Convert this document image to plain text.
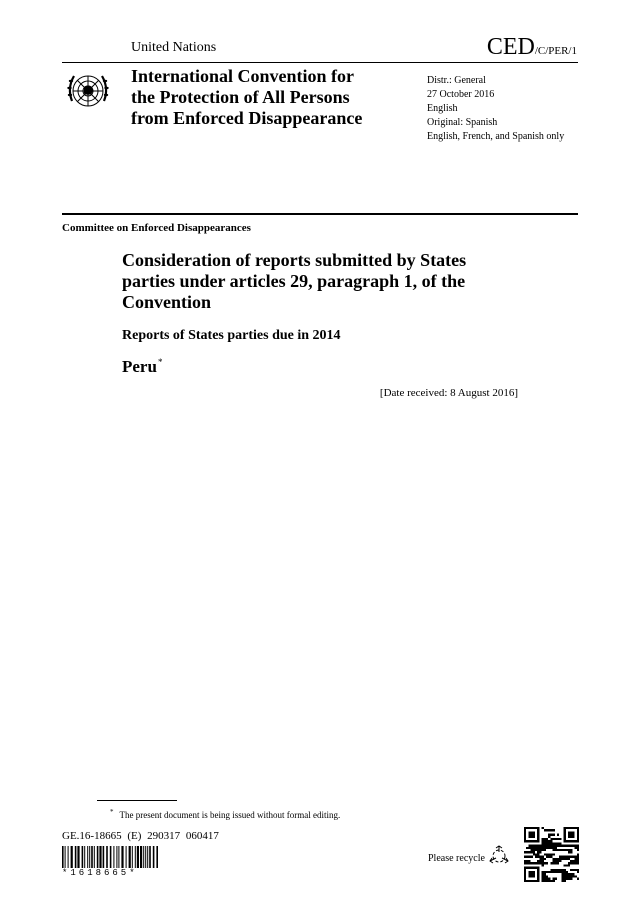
United Nations	CED/C/PER/1
International Convention for
the Protection of All Persons
from Enforced Disappearance
Distr.: General
27 October 2016
English
Original: Spanish
English, French, and Spanish only
Committee on Enforced Disappearances
Consideration of reports submitted by States
parties under articles 29, paragraph 1, of the
Convention
Reports of States parties due in 2014
Peru*
[Date received: 8 August 2016]
* The present document is being issued without formal editing.
GE.16-18665 (E) 290317 060417
*1618665*
Please recycle
